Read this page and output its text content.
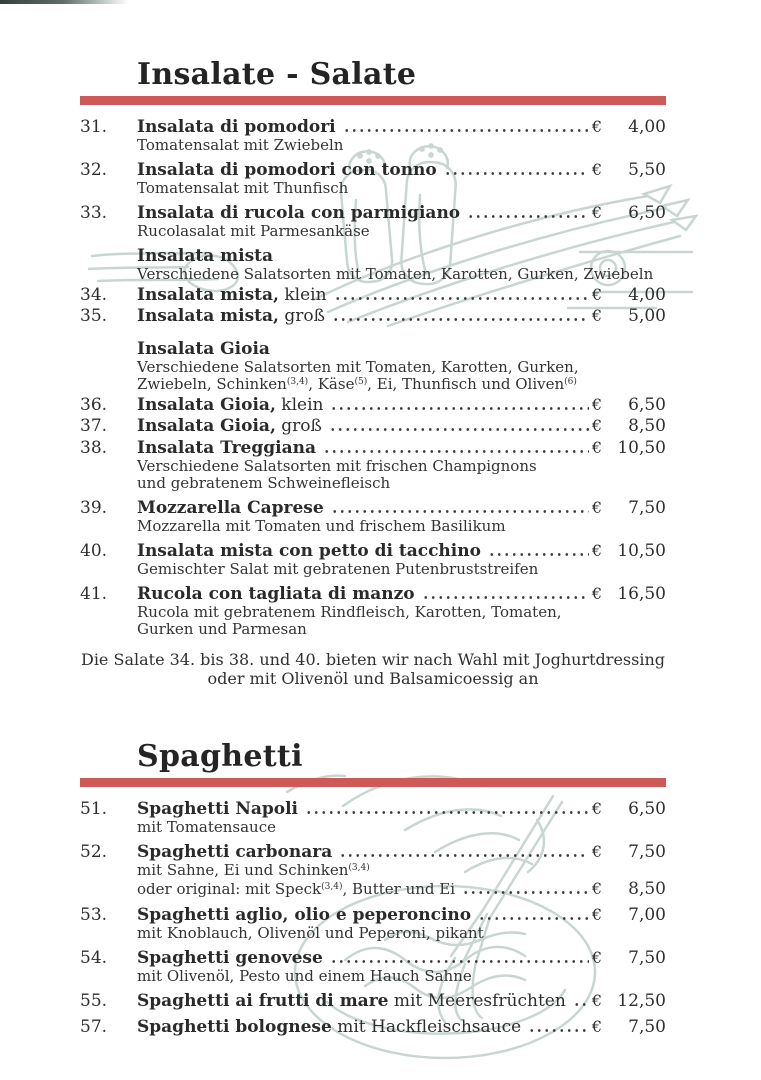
Insalate - Salate
31.	Insalata di pomodori	€	4,00
Tomatensalat mit Zwiebeln
32.	Insalata di pomodori con tonno	€	5,50
Tomatensalat mit Thunfisch
33.	Insalata di rucola con parmigiano	€	6,50
Rucolasalat mit Parmesankäse
Insalata mista
Verschiedene Salatsorten mit Tomaten, Karotten, Gurken, Zwiebeln
34.	Insalata mista, klein	€	4,00
35.	Insalata mista, groß	€	5,00
Insalata Gioia
Verschiedene Salatsorten mit Tomaten, Karotten, Gurken,
Zwiebeln, Schinken$^{(3,4)}$, Käse$^{(5)}$, Ei, Thunfisch und Oliven$^{(6)}$
36.	Insalata Gioia, klein	€	6,50
37.	Insalata Gioia, groß	€	8,50
38.	Insalata Treggiana	€ 10,50
Verschiedene Salatsorten mit frischen Champignons
und gebratenem Schweinefleisch
39.	Mozzarella Caprese	€	7,50
Mozzarella mit Tomaten und frischem Basilikum
40.	Insalata mista con petto di tacchino	€ 10,50
Gemischter Salat mit gebratenen Putenbruststreifen
41.	Rucola con tagliata di manzo	€ 16,50
Rucola mit gebratenem Rindfleisch, Karotten, Tomaten,
Gurken und Parmesan
Die Salate 34. bis 38. und 40. bieten wir nach Wahl mit Joghurtdressing
oder mit Olivenöl und Balsamicoessig an
Spaghetti
51.	Spaghetti Napoli	€	6,50
mit Tomatensauce
52.	Spaghetti carbonara	€	7,50
mit Sahne, Ei und Schinken$^{(3,4)}$
oder original: mit Speck$^{(3,4)}$, Butter und Ei	€	8,50
53.	Spaghetti aglio, olio e peperoncino	€	7,00
mit Knoblauch, Olivenöl und Peperoni, pikant
54.	Spaghetti genovese	€	7,50
mit Olivenöl, Pesto und einem Hauch Sahne
55.	Spaghetti ai frutti di mare mit Meeresfrüchten € 12,50
57.	Spaghetti bolognese mit Hackfleischsauce	€	7,50
